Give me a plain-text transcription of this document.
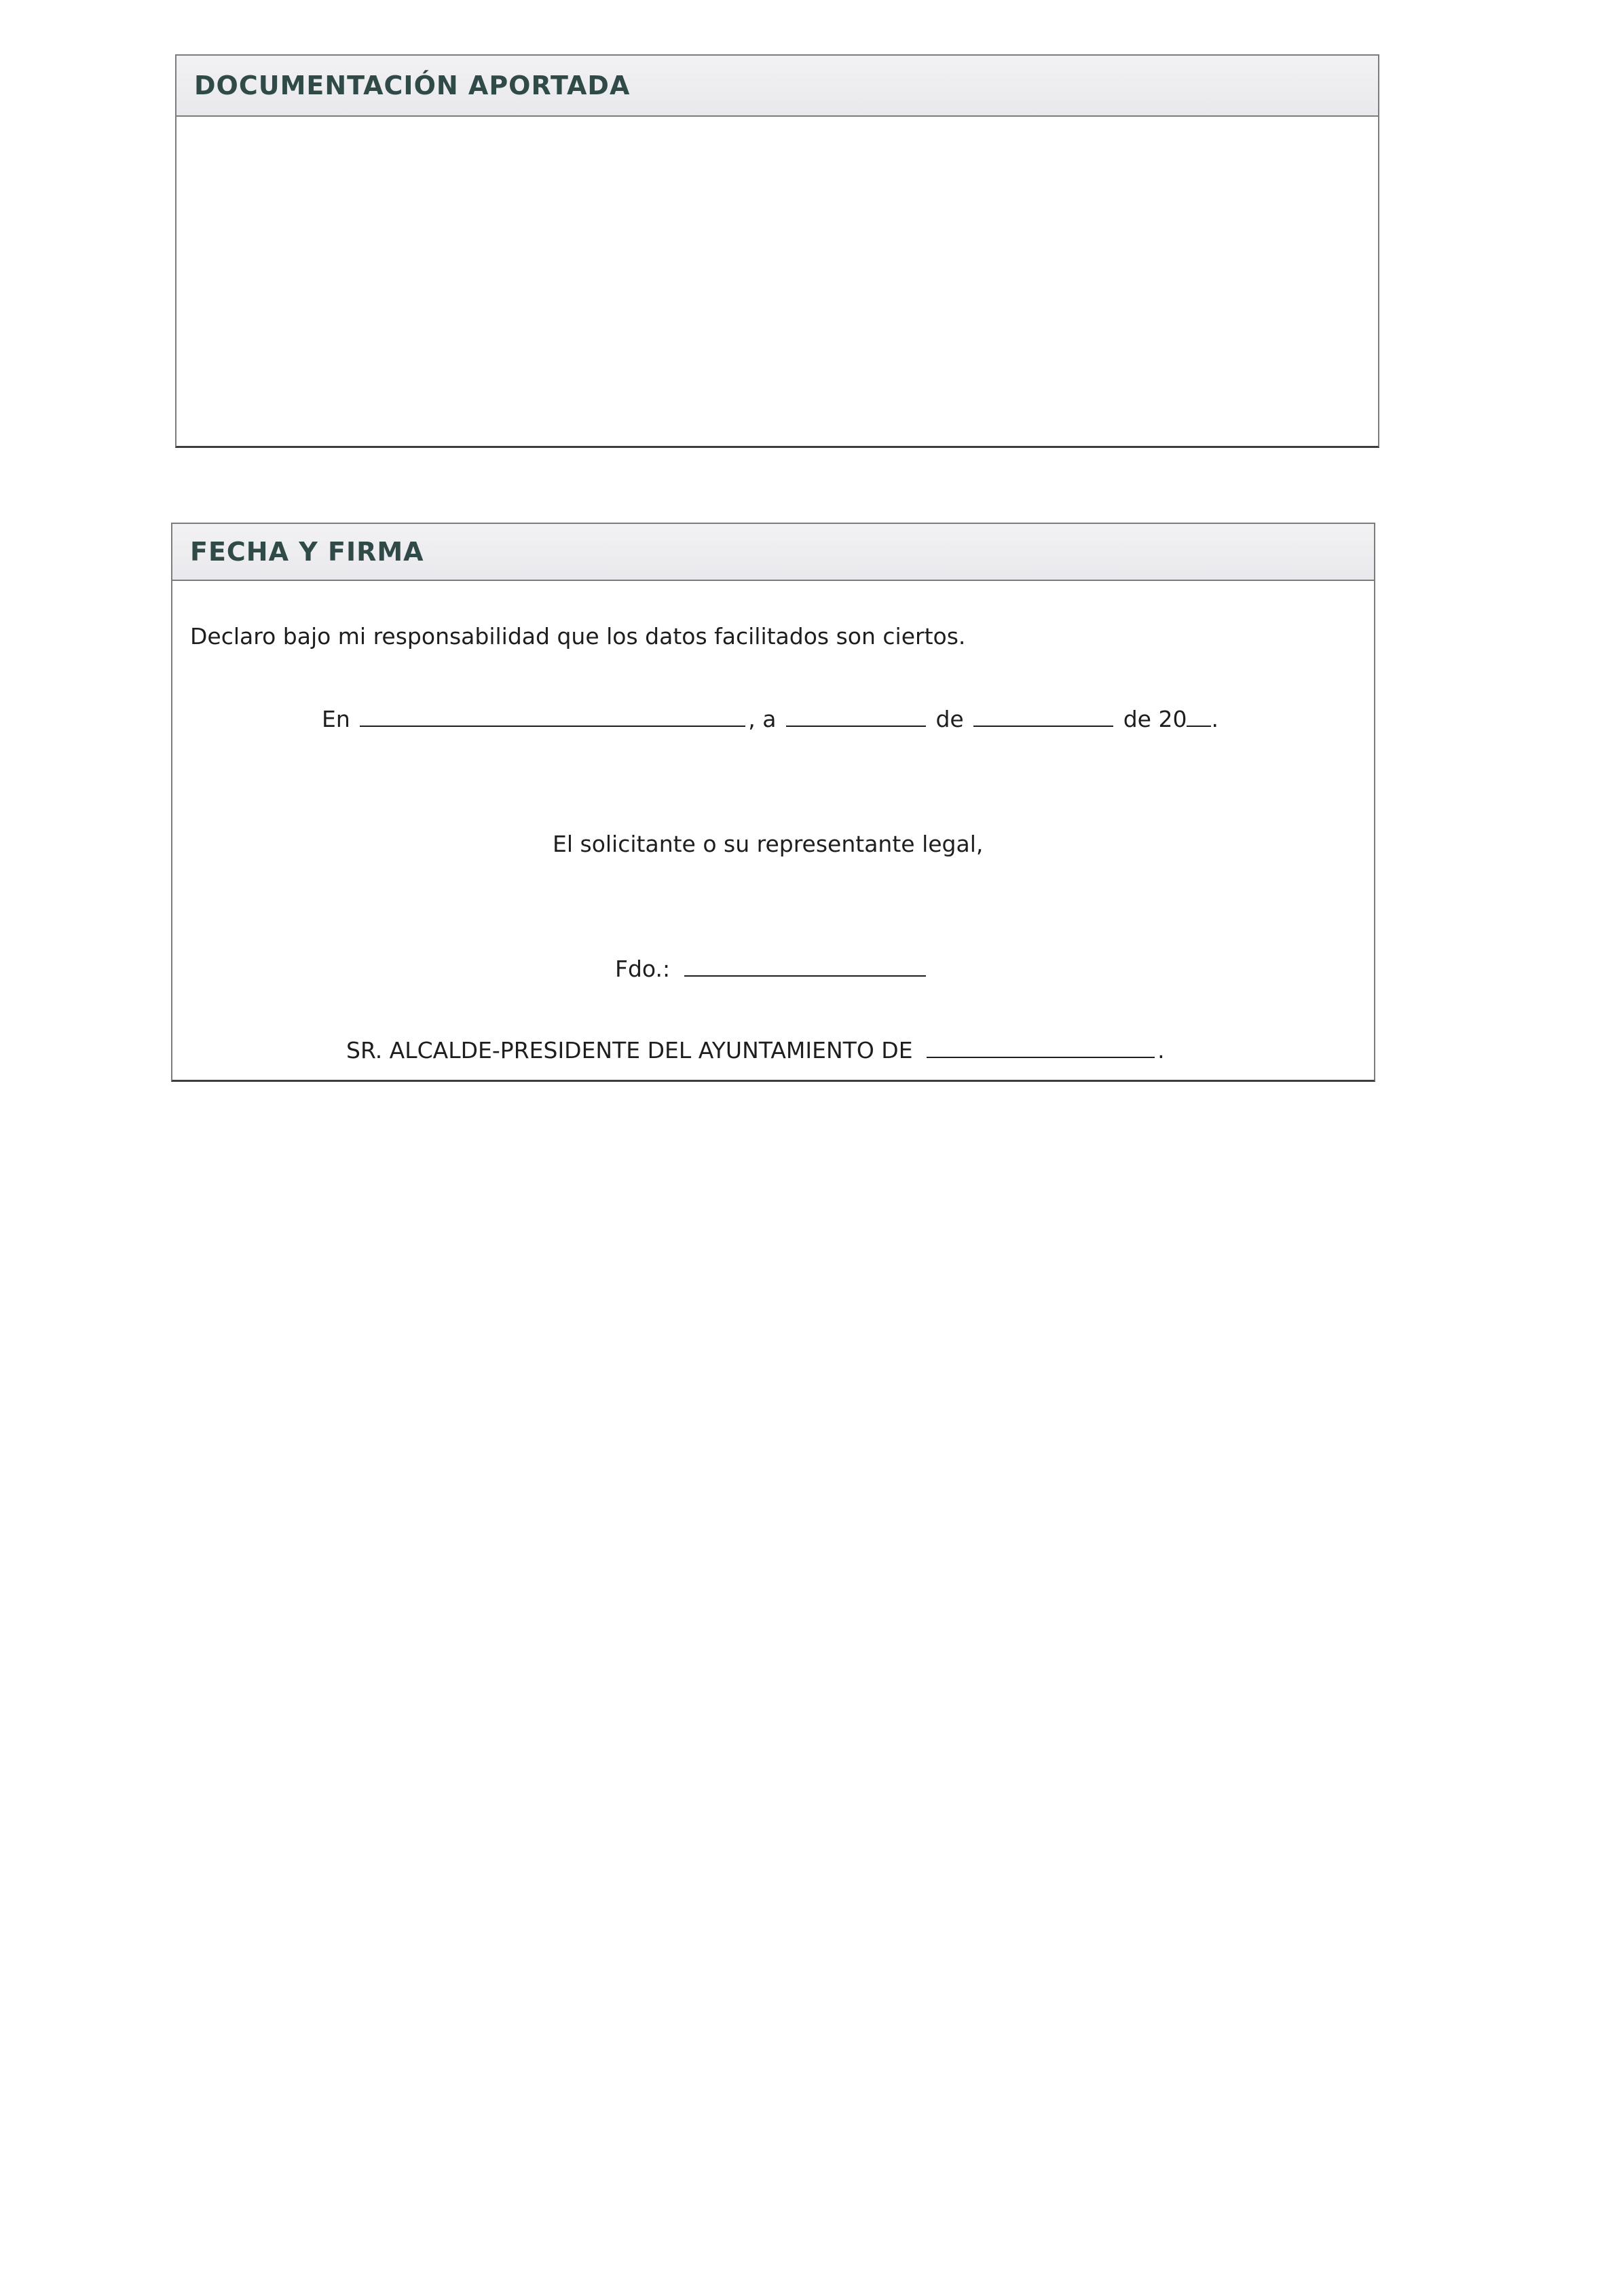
DOCUMENTACIÓN APORTADA
FECHA Y FIRMA
Declaro bajo mi responsabilidad que los datos facilitados son ciertos.
En	, a	de	de 20 .
El solicitante o su representante legal,
Fdo.:
SR. ALCALDE-PRESIDENTE DEL AYUNTAMIENTO DE	.
